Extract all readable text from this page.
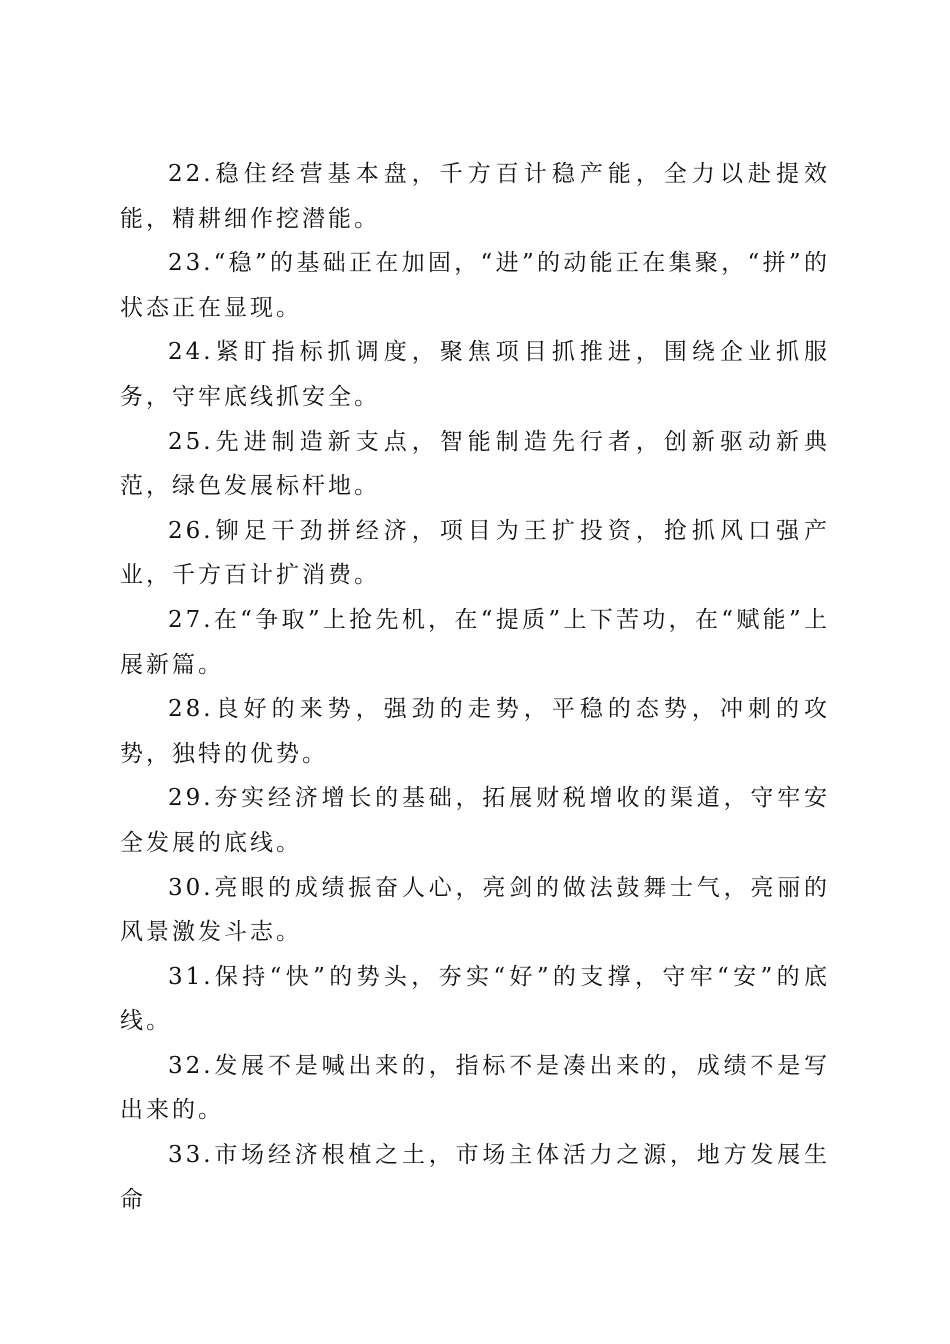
22.稳住经营基本盘，千方百计稳产能，全力以赴提效能，精耕细作挖潜能。

23.“稳”的基础正在加固，“进”的动能正在集聚，“拼”的状态正在显现。

24.紧盯指标抓调度，聚焦项目抓推进，围绕企业抓服务，守牢底线抓安全。

25.先进制造新支点，智能制造先行者，创新驱动新典范，绿色发展标杆地。

26.铆足干劲拼经济，项目为王扩投资，抢抓风口强产业，千方百计扩消费。

27.在“争取”上抢先机，在“提质”上下苦功，在“赋能”上展新篇。

28.良好的来势，强劲的走势，平稳的态势，冲刺的攻势，独特的优势。

29.夯实经济增长的基础，拓展财税增收的渠道，守牢安全发展的底线。

30.亮眼的成绩振奋人心，亮剑的做法鼓舞士气，亮丽的风景激发斗志。

31.保持“快”的势头，夯实“好”的支撑，守牢“安”的底线。

32.发展不是喊出来的，指标不是凑出来的，成绩不是写出来的。

33.市场经济根植之土，市场主体活力之源，地方发展生命
